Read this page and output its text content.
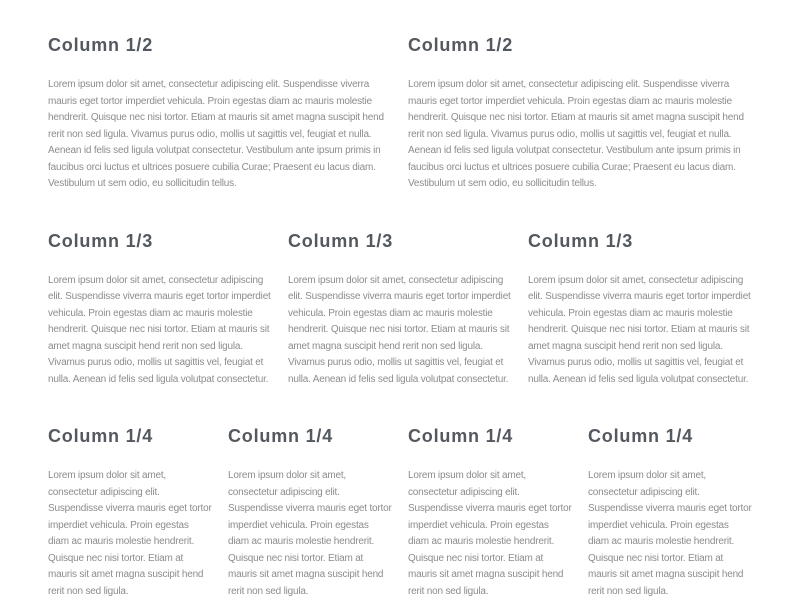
Column 1/2

Lorem ipsum dolor sit amet, consectetur adipiscing elit. Suspendisse viverra mauris eget tortor imperdiet vehicula. Proin egestas diam ac mauris molestie hendrerit. Quisque nec nisi tortor. Etiam at mauris sit amet magna suscipit hend rerit non sed ligula. Vivamus purus odio, mollis ut sagittis vel, feugiat et nulla. Aenean id felis sed ligula volutpat consectetur. Vestibulum ante ipsum primis in faucibus orci luctus et ultrices posuere cubilia Curae; Praesent eu lacus diam. Vestibulum ut sem odio, eu sollicitudin tellus.

Column 1/2

Lorem ipsum dolor sit amet, consectetur adipiscing elit. Suspendisse viverra mauris eget tortor imperdiet vehicula. Proin egestas diam ac mauris molestie hendrerit. Quisque nec nisi tortor. Etiam at mauris sit amet magna suscipit hend rerit non sed ligula. Vivamus purus odio, mollis ut sagittis vel, feugiat et nulla. Aenean id felis sed ligula volutpat consectetur. Vestibulum ante ipsum primis in faucibus orci luctus et ultrices posuere cubilia Curae; Praesent eu lacus diam. Vestibulum ut sem odio, eu sollicitudin tellus.

Column 1/3

Lorem ipsum dolor sit amet, consectetur adipiscing elit. Suspendisse viverra mauris eget tortor imperdiet vehicula. Proin egestas diam ac mauris molestie hendrerit. Quisque nec nisi tortor. Etiam at mauris sit amet magna suscipit hend rerit non sed ligula. Vivamus purus odio, mollis ut sagittis vel, feugiat et nulla. Aenean id felis sed ligula volutpat consectetur.

Column 1/3

Lorem ipsum dolor sit amet, consectetur adipiscing elit. Suspendisse viverra mauris eget tortor imperdiet vehicula. Proin egestas diam ac mauris molestie hendrerit. Quisque nec nisi tortor. Etiam at mauris sit amet magna suscipit hend rerit non sed ligula. Vivamus purus odio, mollis ut sagittis vel, feugiat et nulla. Aenean id felis sed ligula volutpat consectetur.

Column 1/3

Lorem ipsum dolor sit amet, consectetur adipiscing elit. Suspendisse viverra mauris eget tortor imperdiet vehicula. Proin egestas diam ac mauris molestie hendrerit. Quisque nec nisi tortor. Etiam at mauris sit amet magna suscipit hend rerit non sed ligula. Vivamus purus odio, mollis ut sagittis vel, feugiat et nulla. Aenean id felis sed ligula volutpat consectetur.

Column 1/4

Lorem ipsum dolor sit amet, consectetur adipiscing elit. Suspendisse viverra mauris eget tortor imperdiet vehicula. Proin egestas diam ac mauris molestie hendrerit. Quisque nec nisi tortor. Etiam at mauris sit amet magna suscipit hend rerit non sed ligula.

Column 1/4

Lorem ipsum dolor sit amet, consectetur adipiscing elit. Suspendisse viverra mauris eget tortor imperdiet vehicula. Proin egestas diam ac mauris molestie hendrerit. Quisque nec nisi tortor. Etiam at mauris sit amet magna suscipit hend rerit non sed ligula.

Column 1/4

Lorem ipsum dolor sit amet, consectetur adipiscing elit. Suspendisse viverra mauris eget tortor imperdiet vehicula. Proin egestas diam ac mauris molestie hendrerit. Quisque nec nisi tortor. Etiam at mauris sit amet magna suscipit hend rerit non sed ligula.

Column 1/4

Lorem ipsum dolor sit amet, consectetur adipiscing elit. Suspendisse viverra mauris eget tortor imperdiet vehicula. Proin egestas diam ac mauris molestie hendrerit. Quisque nec nisi tortor. Etiam at mauris sit amet magna suscipit hend rerit non sed ligula.
